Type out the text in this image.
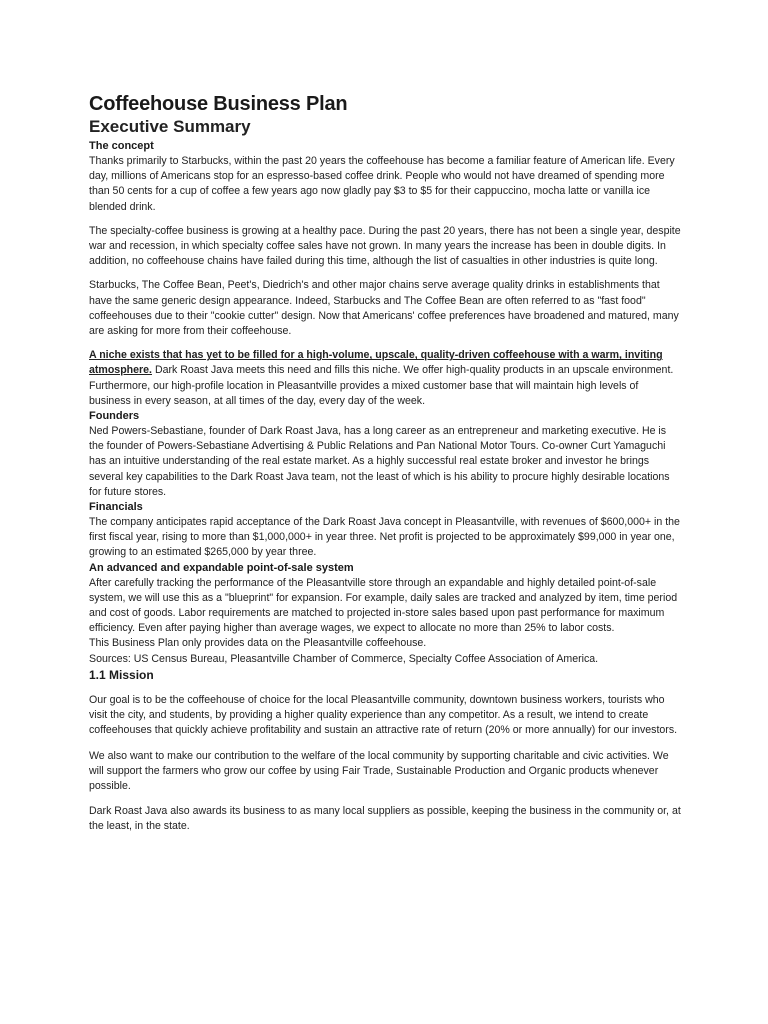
Coffeehouse Business Plan
Executive Summary
The concept

Thanks primarily to Starbucks, within the past 20 years the coffeehouse has become a familiar feature of American life. Every day, millions of Americans stop for an espresso-based coffee drink. People who would not have dreamed of spending more than 50 cents for a cup of coffee a few years ago now gladly pay $3 to $5 for their cappuccino, mocha latte or vanilla ice blended drink.

The specialty-coffee business is growing at a healthy pace. During the past 20 years, there has not been a single year, despite war and recession, in which specialty coffee sales have not grown. In many years the increase has been in double digits. In addition, no coffeehouse chains have failed during this time, although the list of casualties in other industries is quite long.

Starbucks, The Coffee Bean, Peet's, Diedrich's and other major chains serve average quality drinks in establishments that have the same generic design appearance. Indeed, Starbucks and The Coffee Bean are often referred to as "fast food" coffeehouses due to their "cookie cutter" design. Now that Americans' coffee preferences have broadened and matured, many are asking for more from their coffeehouse.

A niche exists that has yet to be filled for a high-volume, upscale, quality-driven coffeehouse with a warm, inviting atmosphere. Dark Roast Java meets this need and fills this niche. We offer high-quality products in an upscale environment. Furthermore, our high-profile location in Pleasantville provides a mixed customer base that will maintain high levels of business in every season, at all times of the day, every day of the week.

Founders

Ned Powers-Sebastiane, founder of Dark Roast Java, has a long career as an entrepreneur and marketing executive. He is the founder of Powers-Sebastiane Advertising & Public Relations and Pan National Motor Tours. Co-owner Curt Yamaguchi has an intuitive understanding of the real estate market. As a highly successful real estate broker and investor he brings several key capabilities to the Dark Roast Java team, not the least of which is his ability to procure highly desirable locations for future stores.

Financials

The company anticipates rapid acceptance of the Dark Roast Java concept in Pleasantville, with revenues of $600,000+ in the first fiscal year, rising to more than $1,000,000+ in year three. Net profit is projected to be approximately $99,000 in year one, growing to an estimated $265,000 by year three.

An advanced and expandable point-of-sale system

After carefully tracking the performance of the Pleasantville store through an expandable and highly detailed point-of-sale system, we will use this as a "blueprint" for expansion. For example, daily sales are tracked and analyzed by item, time period and cost of goods. Labor requirements are matched to projected in-store sales based upon past performance for maximum efficiency. Even after paying higher than average wages, we expect to allocate no more than 25% to labor costs.

This Business Plan only provides data on the Pleasantville coffeehouse.

Sources: US Census Bureau, Pleasantville Chamber of Commerce, Specialty Coffee Association of America.

1.1 Mission

Our goal is to be the coffeehouse of choice for the local Pleasantville community, downtown business workers, tourists who visit the city, and students, by providing a higher quality experience than any competitor. As a result, we intend to create coffeehouses that quickly achieve profitability and sustain an attractive rate of return (20% or more annually) for our investors.

We also want to make our contribution to the welfare of the local community by supporting charitable and civic activities. We will support the farmers who grow our coffee by using Fair Trade, Sustainable Production and Organic products whenever possible.

Dark Roast Java also awards its business to as many local suppliers as possible, keeping the business in the community or, at the least, in the state.
